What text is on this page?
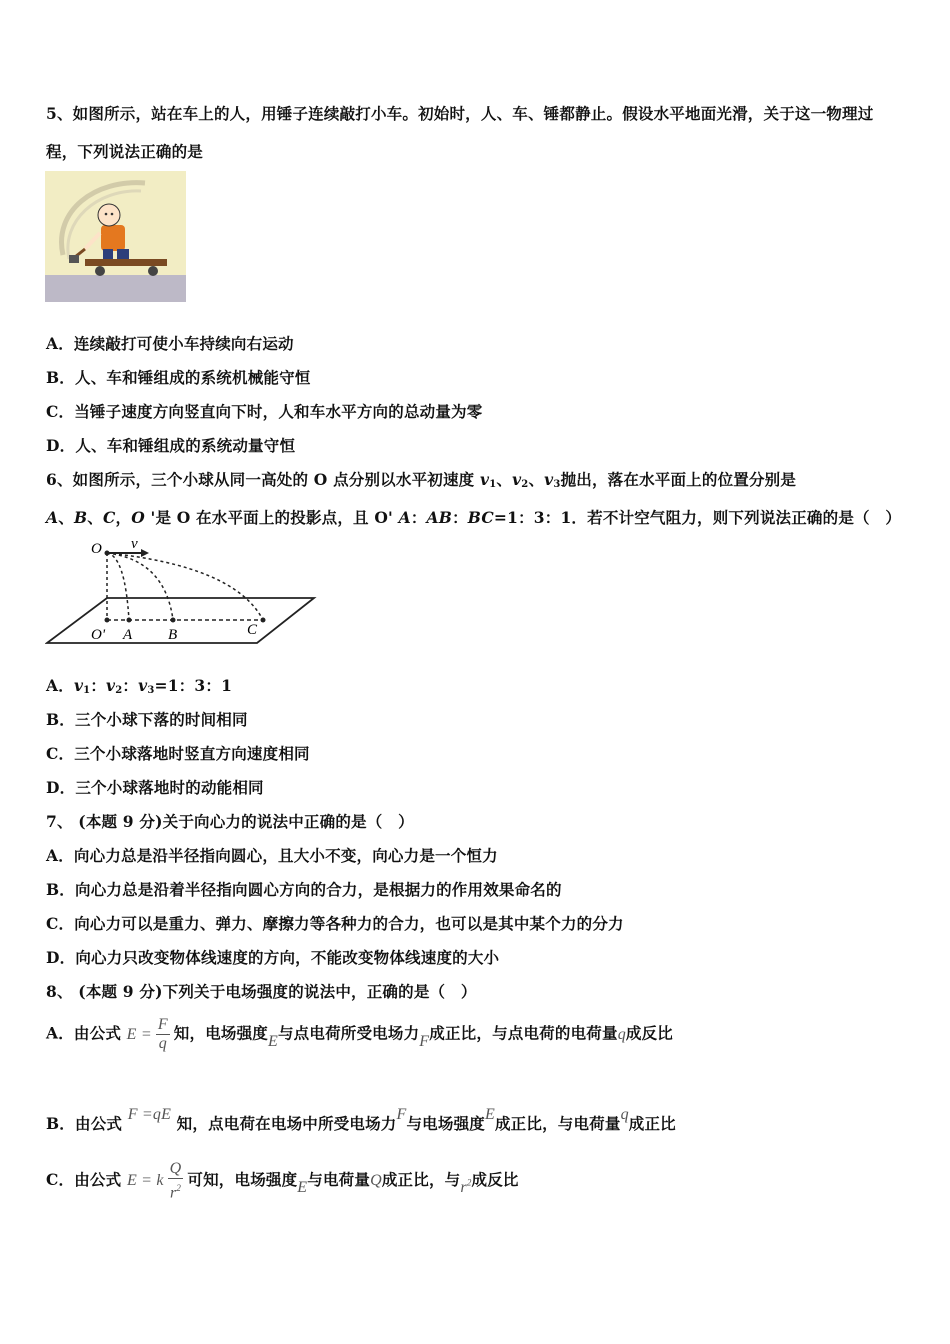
5、如图所示，站在车上的人，用锤子连续敲打小车。初始时，人、车、锤都静止。假设水平地面光滑，关于这一物理过
程，下列说法正确的是
A．连续敲打可使小车持续向右运动
B．人、车和锤组成的系统机械能守恒
C．当锤子速度方向竖直向下时，人和车水平方向的总动量为零
D．人、车和锤组成的系统动量守恒
6、如图所示，三个小球从同一高处的 O 点分别以水平初速度 $v_1$、$v_2$、$v_3$抛出，落在水平面上的位置分别是
A、B、C，O '是 O 在水平面上的投影点，且 O' A：AB：BC=1：3：1．若不计空气阻力，则下列说法正确的是（　）
O v
O' A B	C
A．$v_1$：$v_2$：$v_3=1$：3：1
B．三个小球下落的时间相同
C．三个小球落地时竖直方向速度相同
D．三个小球落地时的动能相同
7、 (本题 9 分)关于向心力的说法中正确的是（　）
A．向心力总是沿半径指向圆心，且大小不变，向心力是一个恒力
B．向心力总是沿着半径指向圆心方向的合力，是根据力的作用效果命名的
C．向心力可以是重力、弹力、摩擦力等各种力的合力，也可以是其中某个力的分力
D．向心力只改变物体线速度的方向，不能改变物体线速度的大小
8、 (本题 9 分)下列关于电场强度的说法中，正确的是（　）
A．由公式 $E = \frac{F}{q}$ 知，电场强度E与点电荷所受电场力F成正比，与点电荷的电荷量q成反比
B．由公式 F =qE 知，点电荷在电场中所受电场力F与电场强度E成正比，与电荷量q成正比
C．由公式 E = k $\frac{Q}{r^2}$ 可知，电场强度E与电荷量Q成正比，与$r^2$成反比
